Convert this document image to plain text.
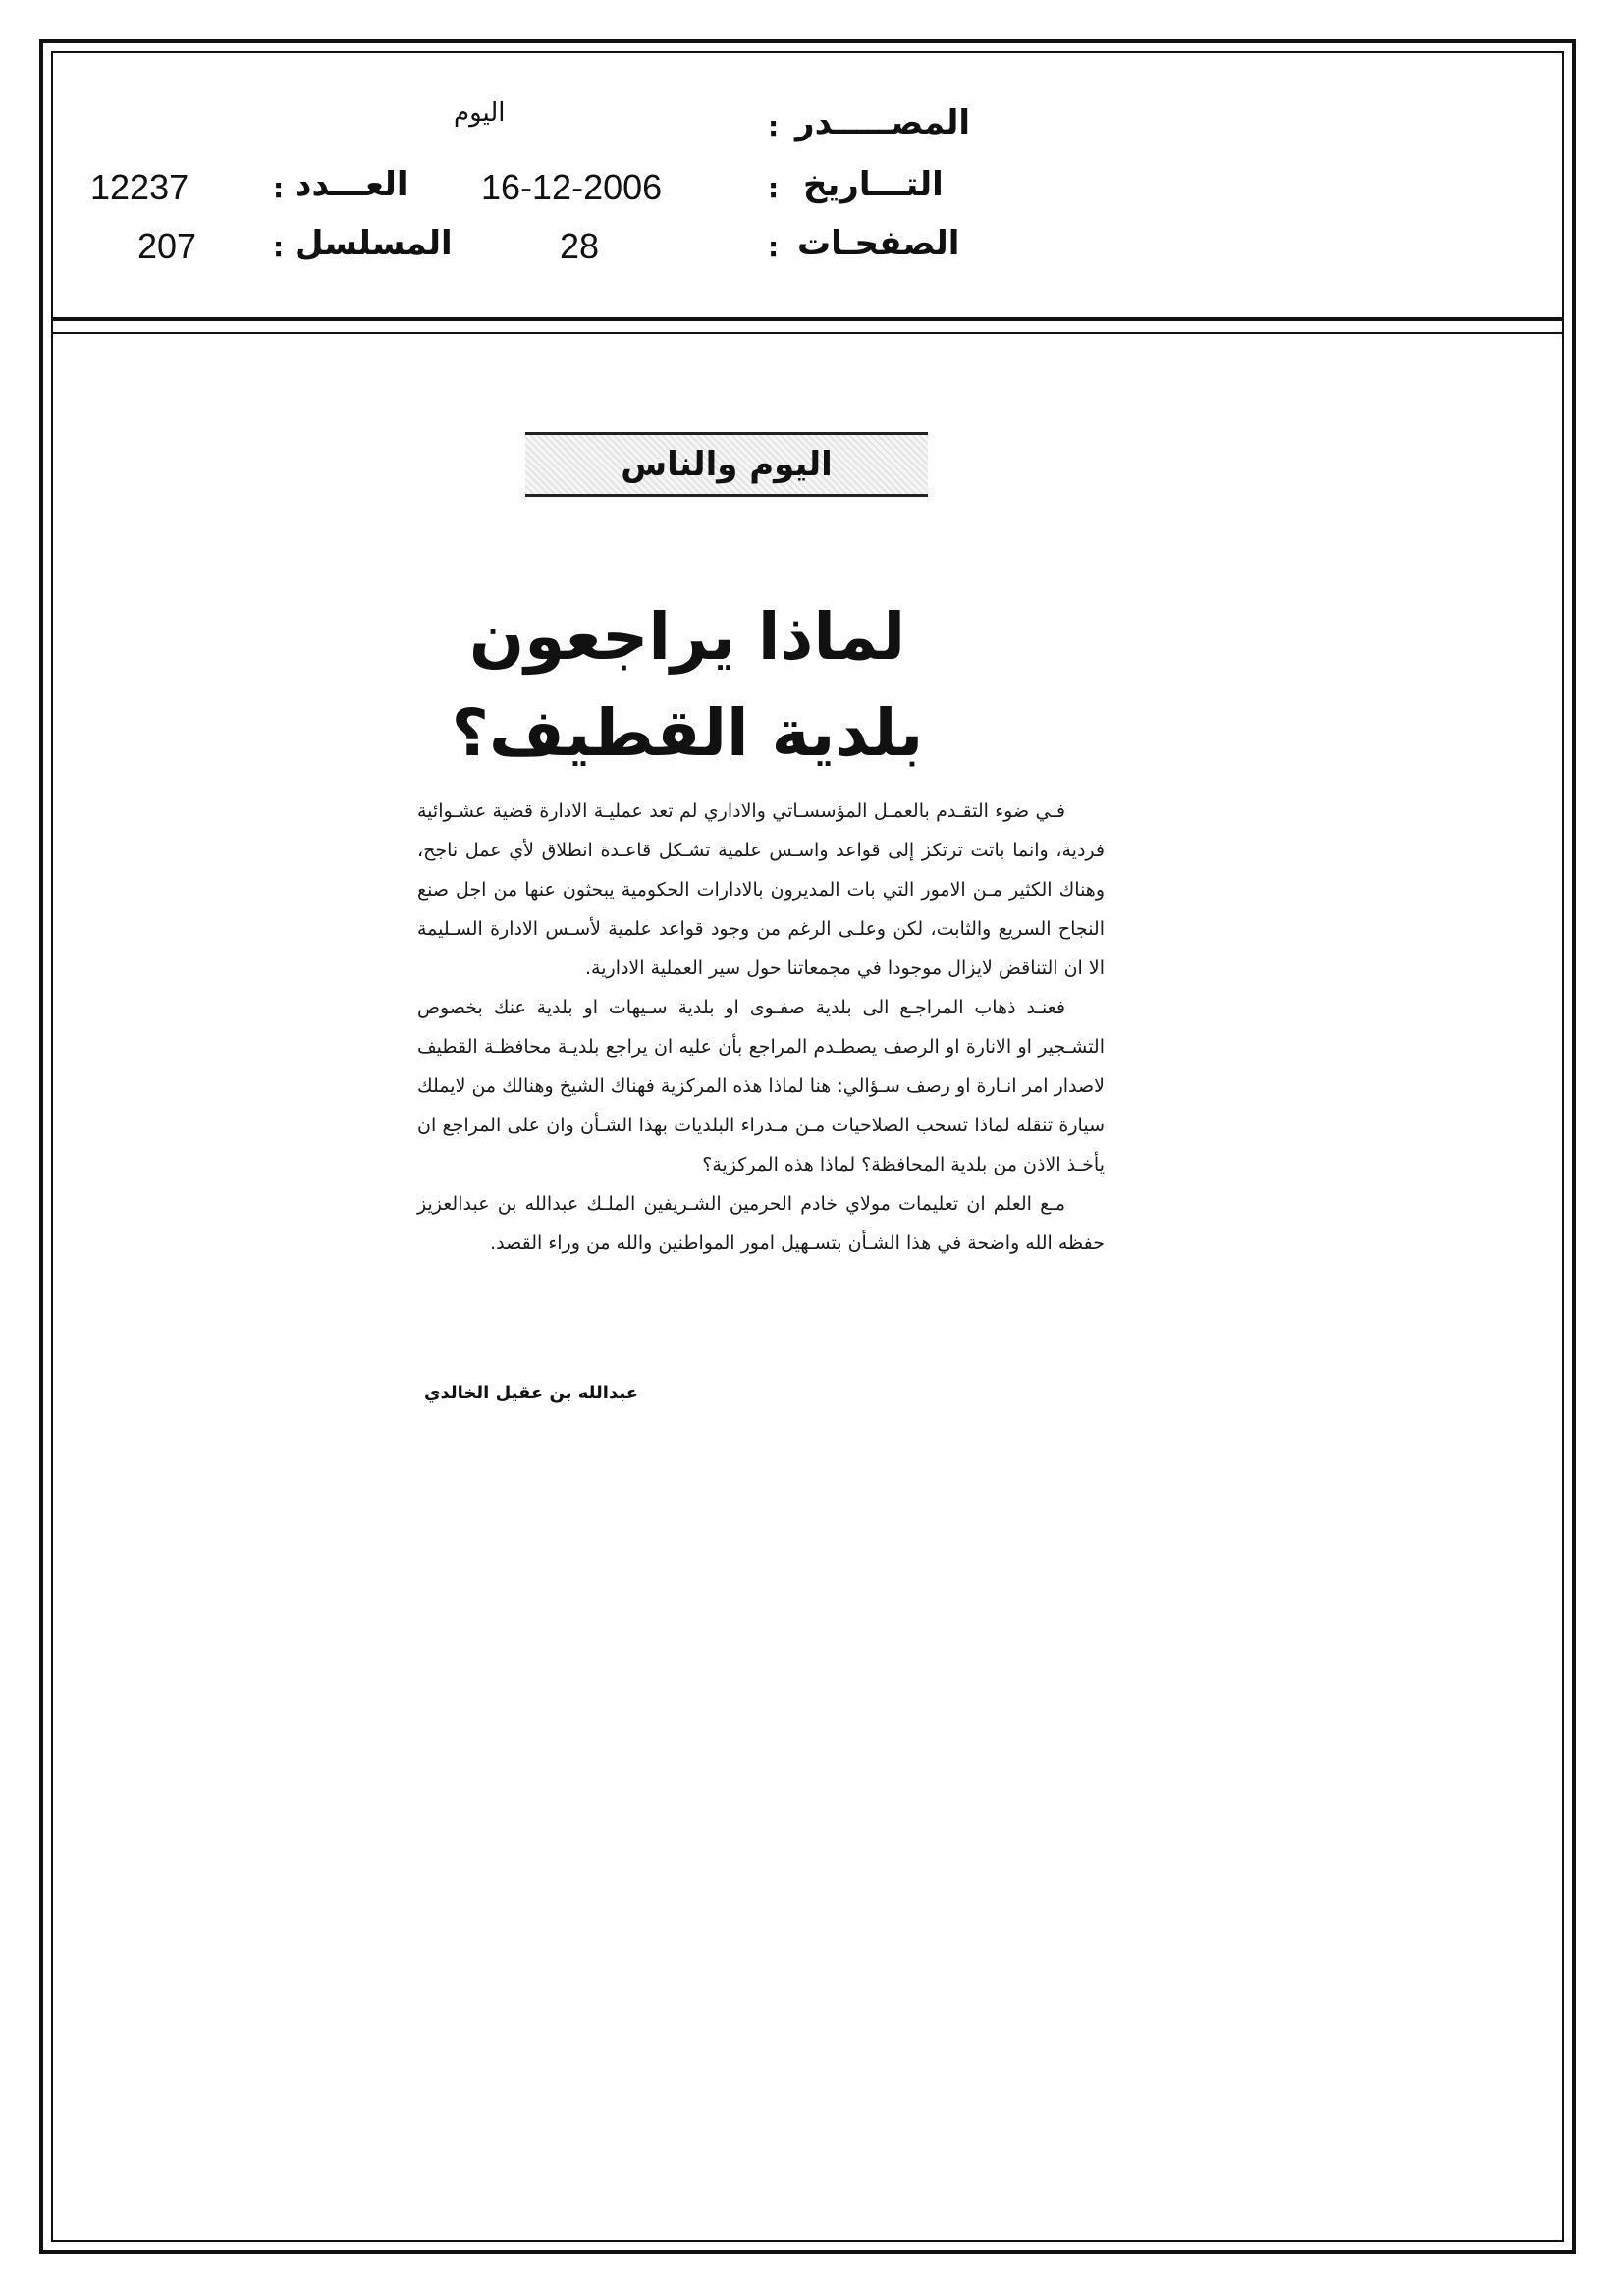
المصـــــدر
:
اليوم
التـــاريخ
:
16-12-2006
العـــدد
:
12237
الصفحـات
:
28
المسلسل
:
207
اليوم والناس
لماذا يراجعون
بلدية القطيف؟

فـي ضوء التقـدم بالعمـل المؤسسـاتي والاداري لم تعد عمليـة الادارة قضية عشـوائية فردية، وانما باتت ترتكز إلى قواعد واسـس علمية تشـكل قاعـدة انطلاق لأي عمل ناجح، وهناك الكثير مـن الامور التي بات المديرون بالادارات الحكومية يبحثون عنها من اجل صنع النجاح السريع والثابت، لكن وعلـى الرغم من وجود قواعد علمية لأسـس الادارة السـليمة الا ان التناقض لايزال موجودا في مجمعاتنا حول سير العملية الادارية.

فعنـد ذهاب المراجـع الى بلدية صفـوى او بلدية سـيهات او بلدية عنك بخصوص التشـجير او الانارة او الرصف يصطـدم المراجع بأن عليه ان يراجع بلديـة محافظـة القطيف لاصدار امر انـارة او رصف سـؤالي: هنا لماذا هذه المركزية فهناك الشيخ وهنالك من لايملك سيارة تنقله لماذا تسحب الصلاحيات مـن مـدراء البلديات بهذا الشـأن وان على المراجع ان يأخـذ الاذن من بلدية المحافظة؟ لماذا هذه المركزية؟

مـع العلم ان تعليمات مولاي خادم الحرمين الشـريفين الملـك عبدالله بن عبدالعزيز حفظه الله واضحة في هذا الشـأن بتسـهيل امور المواطنين والله من وراء القصد.

عبدالله بن عقيل الخالدي
